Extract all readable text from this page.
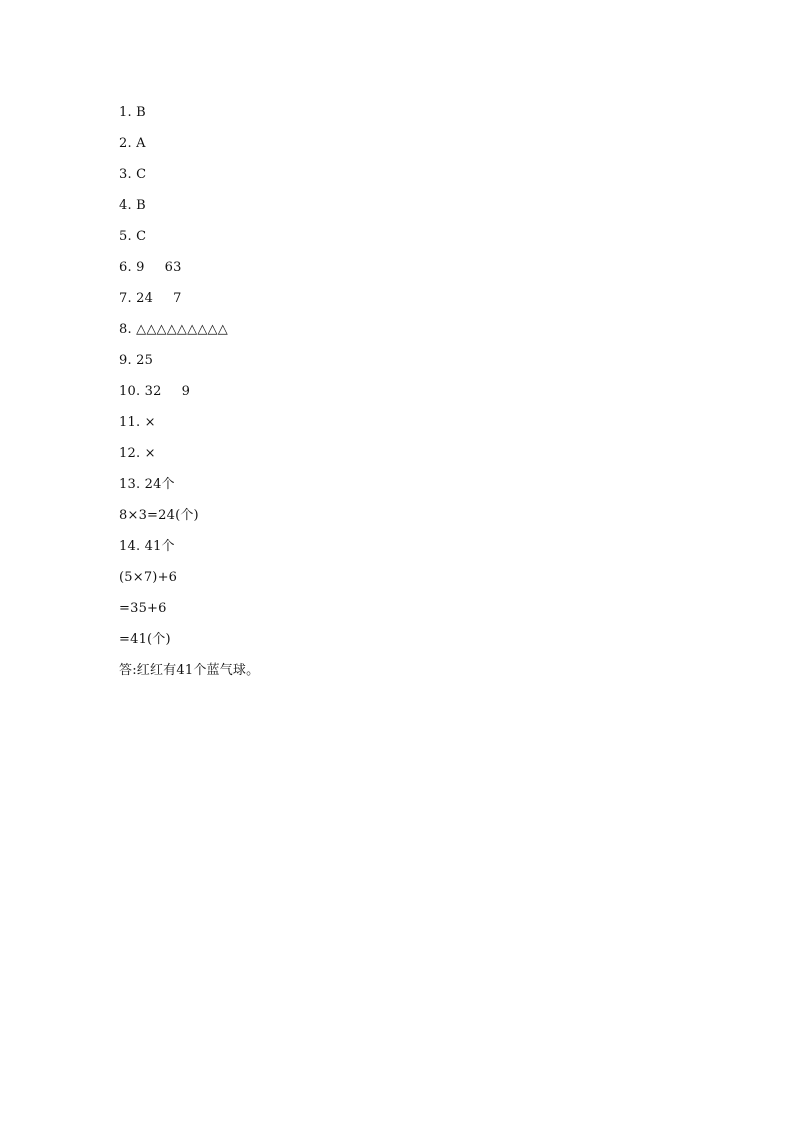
1. B
2. A
3. C
4. B
5. C
6. 9 63
7. 24 7
8. △△△△△△△△△
9. 25
10. 32 9
11. ×
12. ×
13. 24个
8×3=24(个)
14. 41个
(5×7)+6
=35+6
=41(个)
答:红红有41个蓝气球。
